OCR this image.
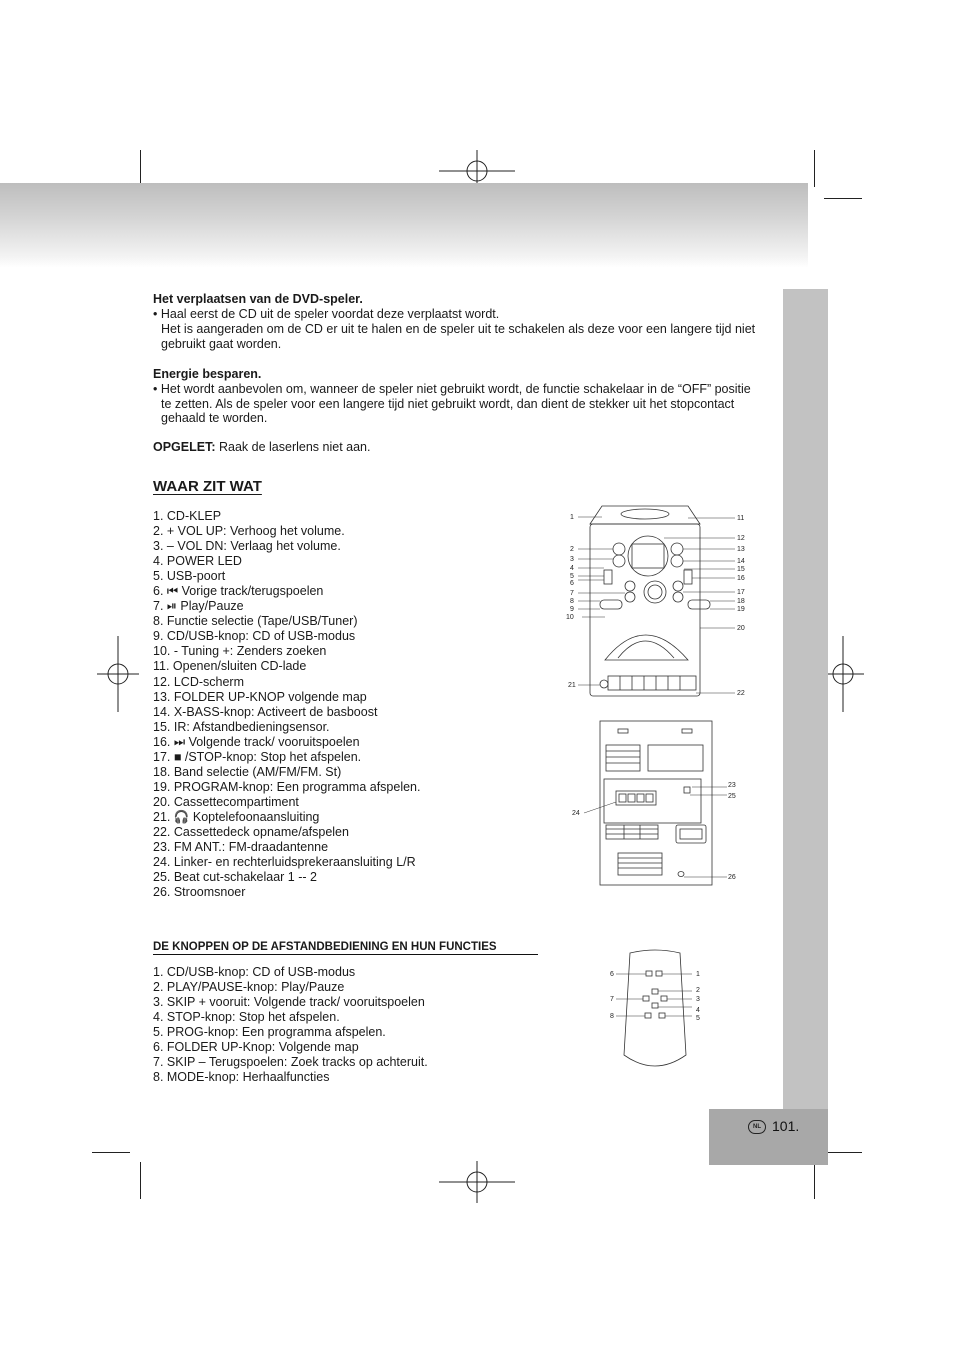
NL 101.
Het verplaatsen van de DVD-speler.
• Haal eerst de CD uit de speler voordat deze verplaatst wordt.
Het is aangeraden om de CD er uit te halen en de speler uit te schakelen als deze voor een langere tijd niet
gebruikt gaat worden.
Energie besparen.
• Het wordt aanbevolen om, wanneer de speler niet gebruikt wordt, de functie schakelaar in de “OFF” positie
te zetten. Als de speler voor een langere tijd niet gebruikt wordt, dan dient de stekker uit het stopcontact
gehaald te worden.
OPGELET: Raak de laserlens niet aan.
WAAR ZIT WAT
1. CD-KLEP
2. + VOL UP: Verhoog het volume.
3. – VOL DN: Verlaag het volume.
4. POWER LED
5. USB-poort
6. ⏮ Vorige track/terugspoelen
7. ⏯ Play/Pauze
8. Functie selectie (Tape/USB/Tuner)
9. CD/USB-knop: CD of USB-modus
10. - Tuning +: Zenders zoeken
11. Openen/sluiten CD-lade
12. LCD-scherm
13. FOLDER UP-KNOP volgende map
14. X-BASS-knop: Activeert de basboost
15. IR: Afstandbedieningsensor.
16. ⏭ Volgende track/ vooruitspoelen
17. ■ /STOP-knop: Stop het afspelen.
18. Band selectie (AM/FM/FM. St)
19. PROGRAM-knop: Een programma afspelen.
20. Cassettecompartiment
21. 🎧 Koptelefoonaansluiting
22. Cassettedeck opname/afspelen
23. FM ANT.: FM-draadantenne
24. Linker- en rechterluidsprekeraansluiting L/R
25. Beat cut-schakelaar 1 -- 2
26. Stroomsnoer
DE KNOPPEN OP DE AFSTANDBEDIENING EN HUN FUNCTIES
1. CD/USB-knop: CD of USB-modus
2. PLAY/PAUSE-knop: Play/Pauze
3. SKIP + vooruit: Volgende track/ vooruitspoelen
4. STOP-knop: Stop het afspelen.
5. PROG-knop: Een programma afspelen.
6. FOLDER UP-Knop: Volgende map
7. SKIP – Terugspoelen: Zoek tracks op achteruit.
8. MODE-knop: Herhaalfuncties
1
2
3
4
5
6
7
8
9
10
21
11
12
13
14
15
16
17
18
19
20
22
23
25
24
26
6
7
8
1
2
3
4
5
